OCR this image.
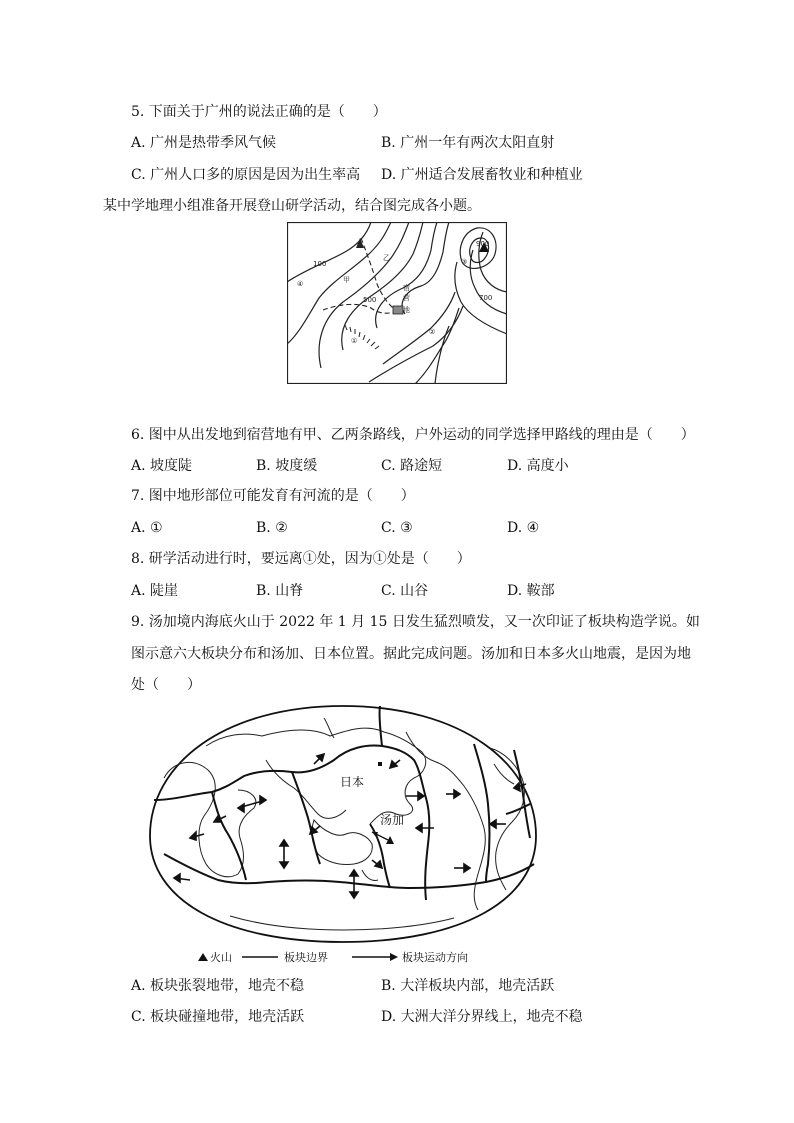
5. 下面关于广州的说法正确的是（　　）
A. 广州是热带季风气候	B. 广州一年有两次太阳直射
C. 广州人口多的原因是因为出生率高 D. 广州适合发展畜牧业和种植业
某中学地理小组准备开展登山研学活动，结合图完成各小题。
100
500	700
900
甲
乙
①
②
③
④	宿
营
地
6. 图中从出发地到宿营地有甲、乙两条路线，户外运动的同学选择甲路线的理由是（　　）
A. 坡度陡	B. 坡度缓	C. 路途短	D. 高度小
7. 图中地形部位可能发育有河流的是（　　）
A. ①	B. ②	C. ③	D. ④
8. 研学活动进行时，要远离①处，因为①处是（　　）
A. 陡崖	B. 山脊	C. 山谷	D. 鞍部
9. 汤加境内海底火山于 2022 年 1 月 15 日发生猛烈喷发，又一次印证了板块构造学说。如
图示意六大板块分布和汤加、日本位置。据此完成问题。汤加和日本多火山地震，是因为地
处（　　）
日本
汤加
火山	板块边界	板块运动方向
A. 板块张裂地带，地壳不稳	B. 大洋板块内部，地壳活跃
C. 板块碰撞地带，地壳活跃	D. 大洲大洋分界线上，地壳不稳
